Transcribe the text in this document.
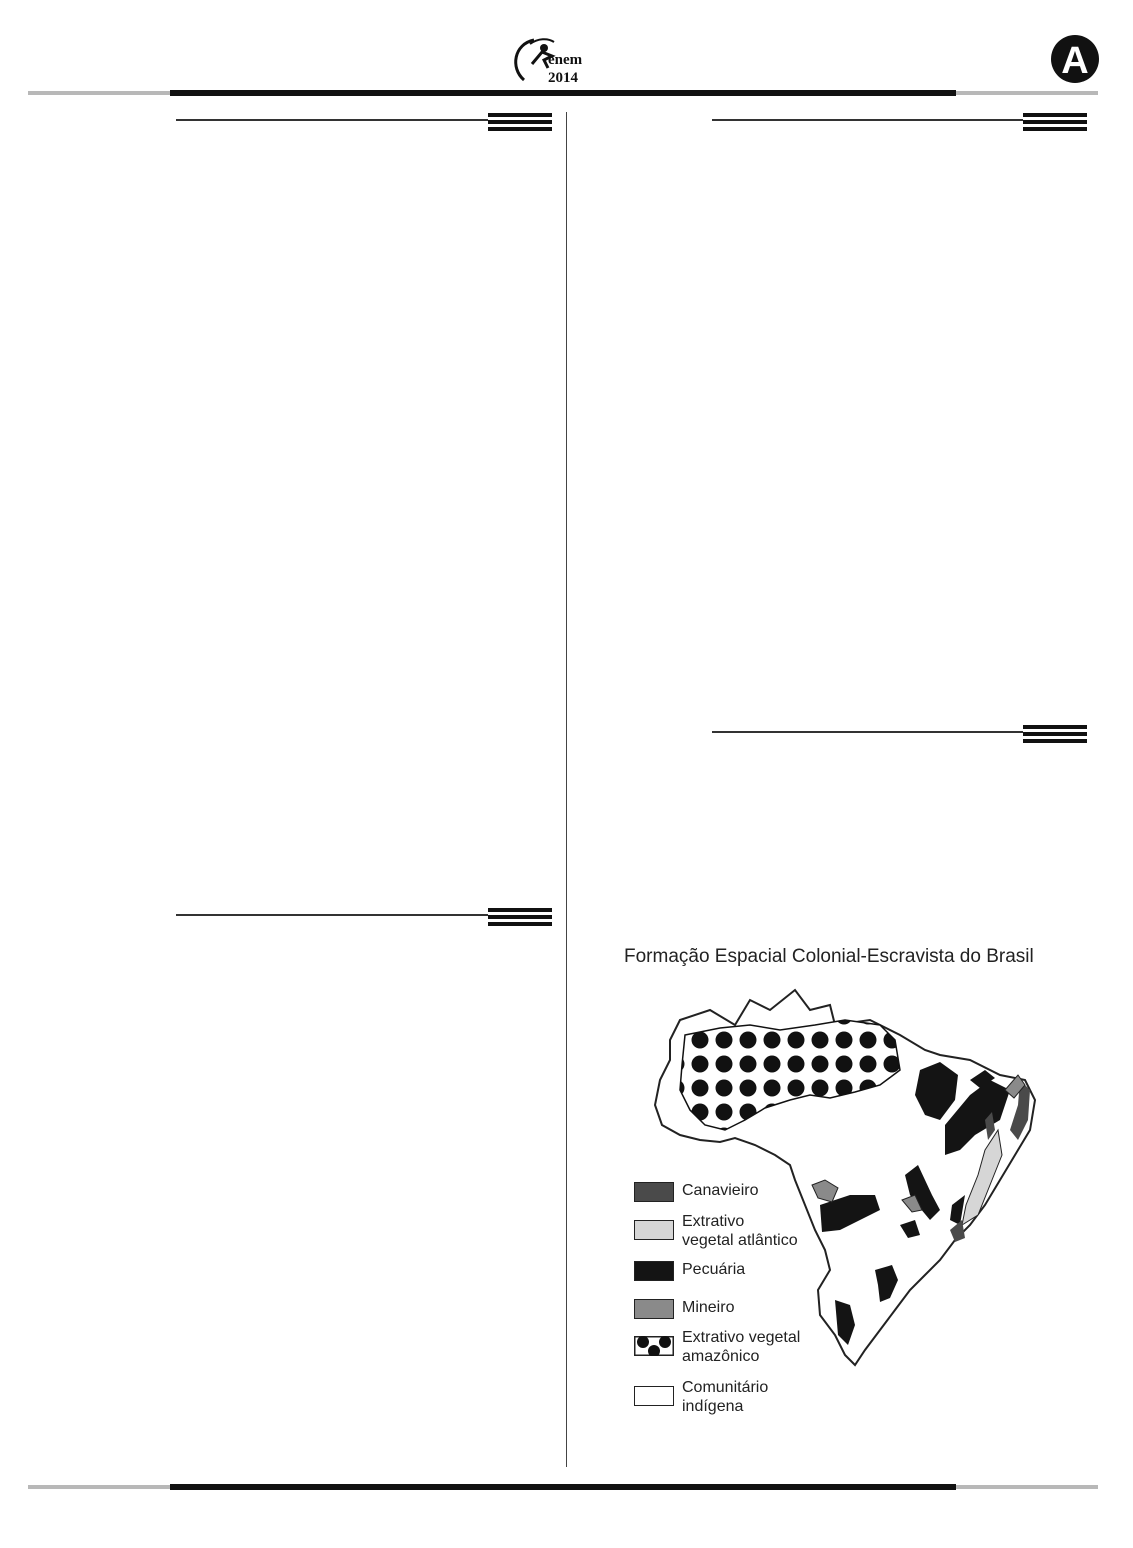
enem
2014	A
Formação Espacial Colonial-Escravista do Brasil
Canavieiro
Extrativo
vegetal atlântico
Pecuária
Mineiro
Extrativo vegetal
amazônico
Comunitário
indígena
